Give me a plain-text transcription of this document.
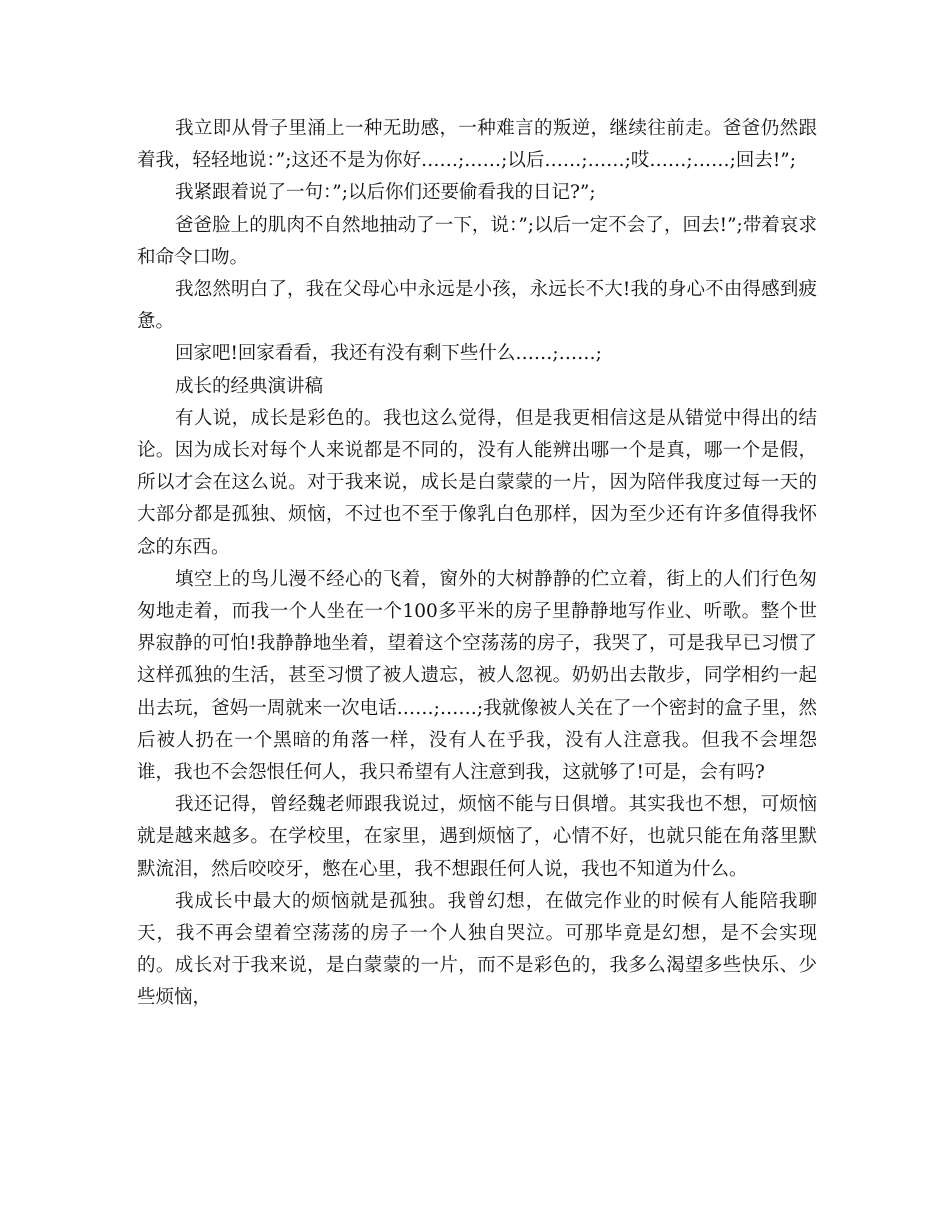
我立即从骨子里涌上一种无助感，一种难言的叛逆，继续往前走。爸爸仍然跟着我，轻轻地说：”;这还不是为你好……;……;以后……;……;哎……;……;回去!”;

我紧跟着说了一句：”;以后你们还要偷看我的日记?”;

爸爸脸上的肌肉不自然地抽动了一下，说：”;以后一定不会了，回去!”;带着哀求和命令口吻。

我忽然明白了，我在父母心中永远是小孩，永远长不大!我的身心不由得感到疲惫。

回家吧!回家看看，我还有没有剩下些什么……;……;

成长的经典演讲稿

有人说，成长是彩色的。我也这么觉得，但是我更相信这是从错觉中得出的结论。因为成长对每个人来说都是不同的，没有人能辨出哪一个是真，哪一个是假，所以才会在这么说。对于我来说，成长是白蒙蒙的一片，因为陪伴我度过每一天的大部分都是孤独、烦恼，不过也不至于像乳白色那样，因为至少还有许多值得我怀念的东西。

填空上的鸟儿漫不经心的飞着，窗外的大树静静的伫立着，街上的人们行色匆匆地走着，而我一个人坐在一个100多平米的房子里静静地写作业、听歌。整个世界寂静的可怕!我静静地坐着，望着这个空荡荡的房子，我哭了，可是我早已习惯了这样孤独的生活，甚至习惯了被人遗忘，被人忽视。奶奶出去散步，同学相约一起出去玩，爸妈一周就来一次电话……;……;我就像被人关在了一个密封的盒子里，然后被人扔在一个黑暗的角落一样，没有人在乎我，没有人注意我。但我不会埋怨谁，我也不会怨恨任何人，我只希望有人注意到我，这就够了!可是，会有吗?

我还记得，曾经魏老师跟我说过，烦恼不能与日俱增。其实我也不想，可烦恼就是越来越多。在学校里，在家里，遇到烦恼了，心情不好，也就只能在角落里默默流泪，然后咬咬牙，憋在心里，我不想跟任何人说，我也不知道为什么。

我成长中最大的烦恼就是孤独。我曾幻想，在做完作业的时候有人能陪我聊天，我不再会望着空荡荡的房子一个人独自哭泣。可那毕竟是幻想，是不会实现的。成长对于我来说，是白蒙蒙的一片，而不是彩色的，我多么渴望多些快乐、少些烦恼，
